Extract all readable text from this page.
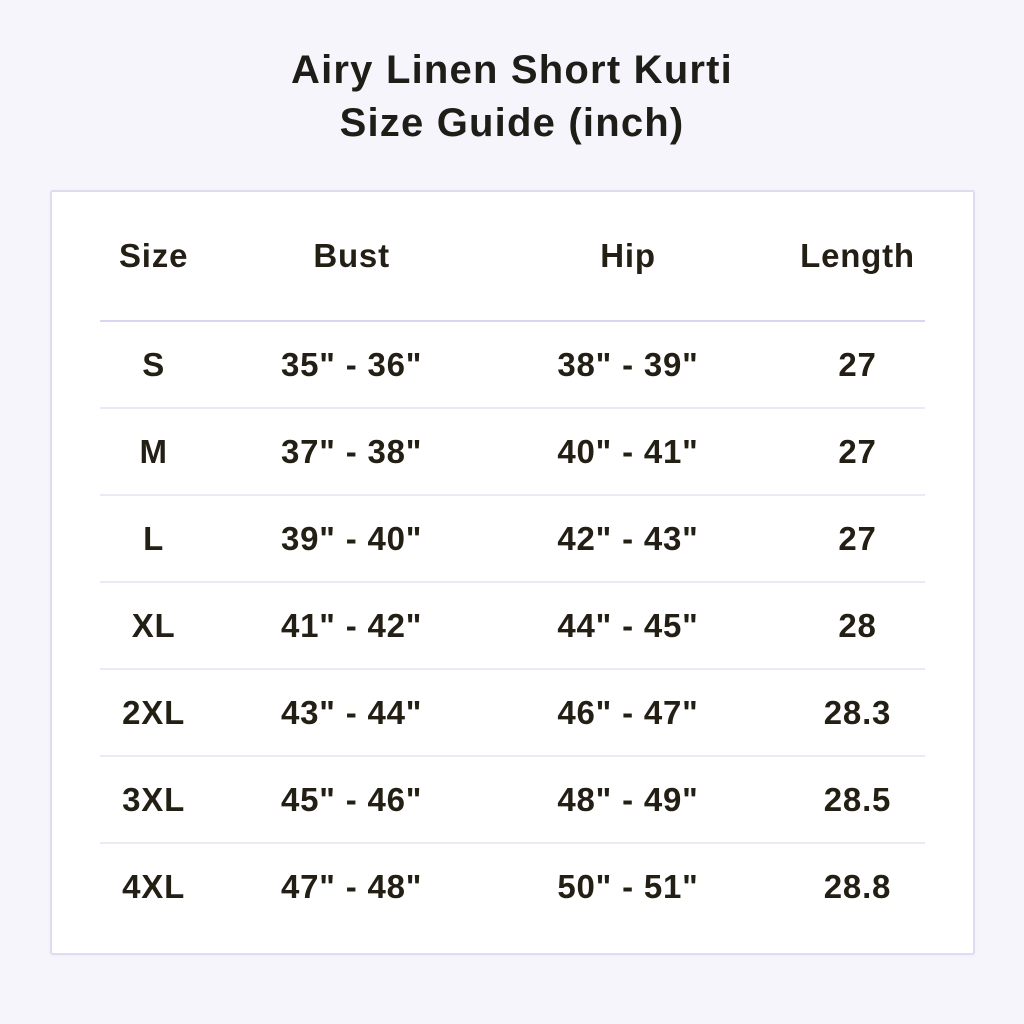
Airy Linen Short Kurti
Size Guide (inch)
Size	Bust	Hip	Length
S	35" - 36"	38" - 39"	27
M	37" - 38"	40" - 41"	27
L	39" - 40"	42" - 43"	27
XL	41" - 42"	44" - 45"	28
2XL	43" - 44"	46" - 47"	28.3
3XL	45" - 46"	48" - 49"	28.5
4XL	47" - 48"	50" - 51"	28.8
